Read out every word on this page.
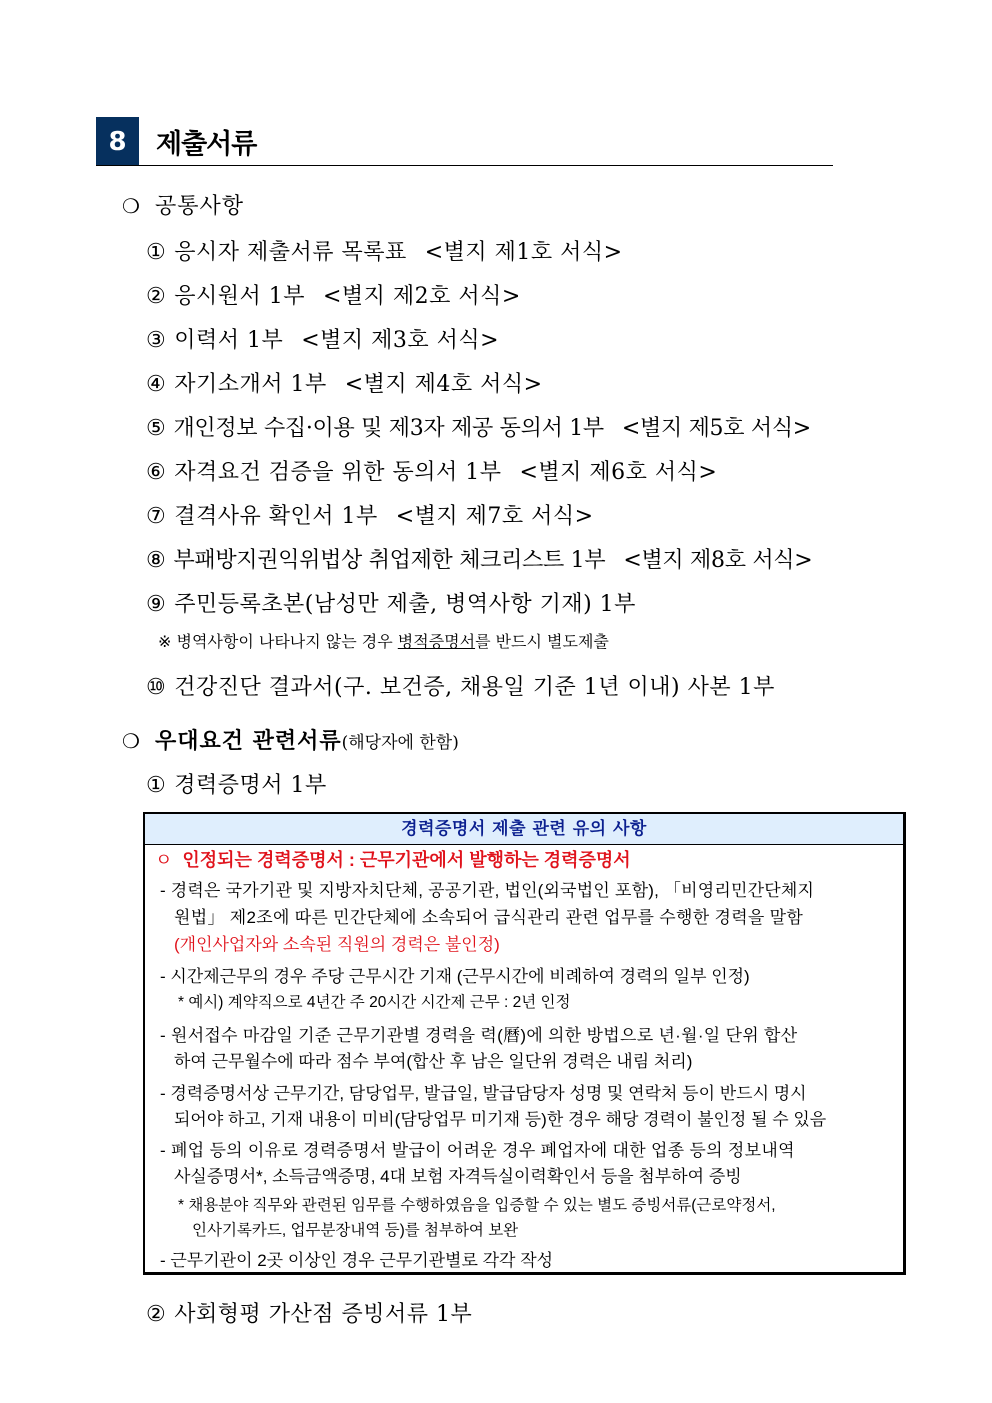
8	제출서류
❍ 공통사항
① 응시자 제출서류 목록표 <별지 제1호 서식>
② 응시원서 1부 <별지 제2호 서식>
③ 이력서 1부 <별지 제3호 서식>
④ 자기소개서 1부 <별지 제4호 서식>
⑤ 개인정보 수집·이용 및 제3자 제공 동의서 1부 <별지 제5호 서식>
⑥ 자격요건 검증을 위한 동의서 1부 <별지 제6호 서식>
⑦ 결격사유 확인서 1부 <별지 제7호 서식>
⑧ 부패방지권익위법상 취업제한 체크리스트 1부 <별지 제8호 서식>
⑨ 주민등록초본(남성만 제출, 병역사항 기재) 1부
※ 병역사항이 나타나지 않는 경우 병적증명서를 반드시 별도제출
⑩ 건강진단 결과서(구. 보건증, 채용일 기준 1년 이내) 사본 1부
❍ 우대요건 관련서류(해당자에 한함)
① 경력증명서 1부
경력증명서 제출 관련 유의 사항
ㅇ 인정되는 경력증명서 : 근무기관에서 발행하는 경력증명서
- 경력은 국가기관 및 지방자치단체, 공공기관, 법인(외국법인 포함), 「비영리민간단체지
원법」 제2조에 따른 민간단체에 소속되어 급식관리 관련 업무를 수행한 경력을 말함
(개인사업자와 소속된 직원의 경력은 불인정)
- 시간제근무의 경우 주당 근무시간 기재 (근무시간에 비례하여 경력의 일부 인정)
* 예시) 계약직으로 4년간 주 20시간 시간제 근무 : 2년 인정
- 원서접수 마감일 기준 근무기관별 경력을 력(曆)에 의한 방법으로 년·월·일 단위 합산
하여 근무월수에 따라 점수 부여(합산 후 남은 일단위 경력은 내림 처리)
- 경력증명서상 근무기간, 담당업무, 발급일, 발급담당자 성명 및 연락처 등이 반드시 명시
되어야 하고, 기재 내용이 미비(담당업무 미기재 등)한 경우 해당 경력이 불인정 될 수 있음
- 폐업 등의 이유로 경력증명서 발급이 어려운 경우 폐업자에 대한 업종 등의 정보내역
사실증명서*, 소득금액증명, 4대 보험 자격득실이력확인서 등을 첨부하여 증빙
* 채용분야 직무와 관련된 임무를 수행하였음을 입증할 수 있는 별도 증빙서류(근로약정서,
인사기록카드, 업무분장내역 등)를 첨부하여 보완
- 근무기관이 2곳 이상인 경우 근무기관별로 각각 작성
② 사회형평 가산점 증빙서류 1부
